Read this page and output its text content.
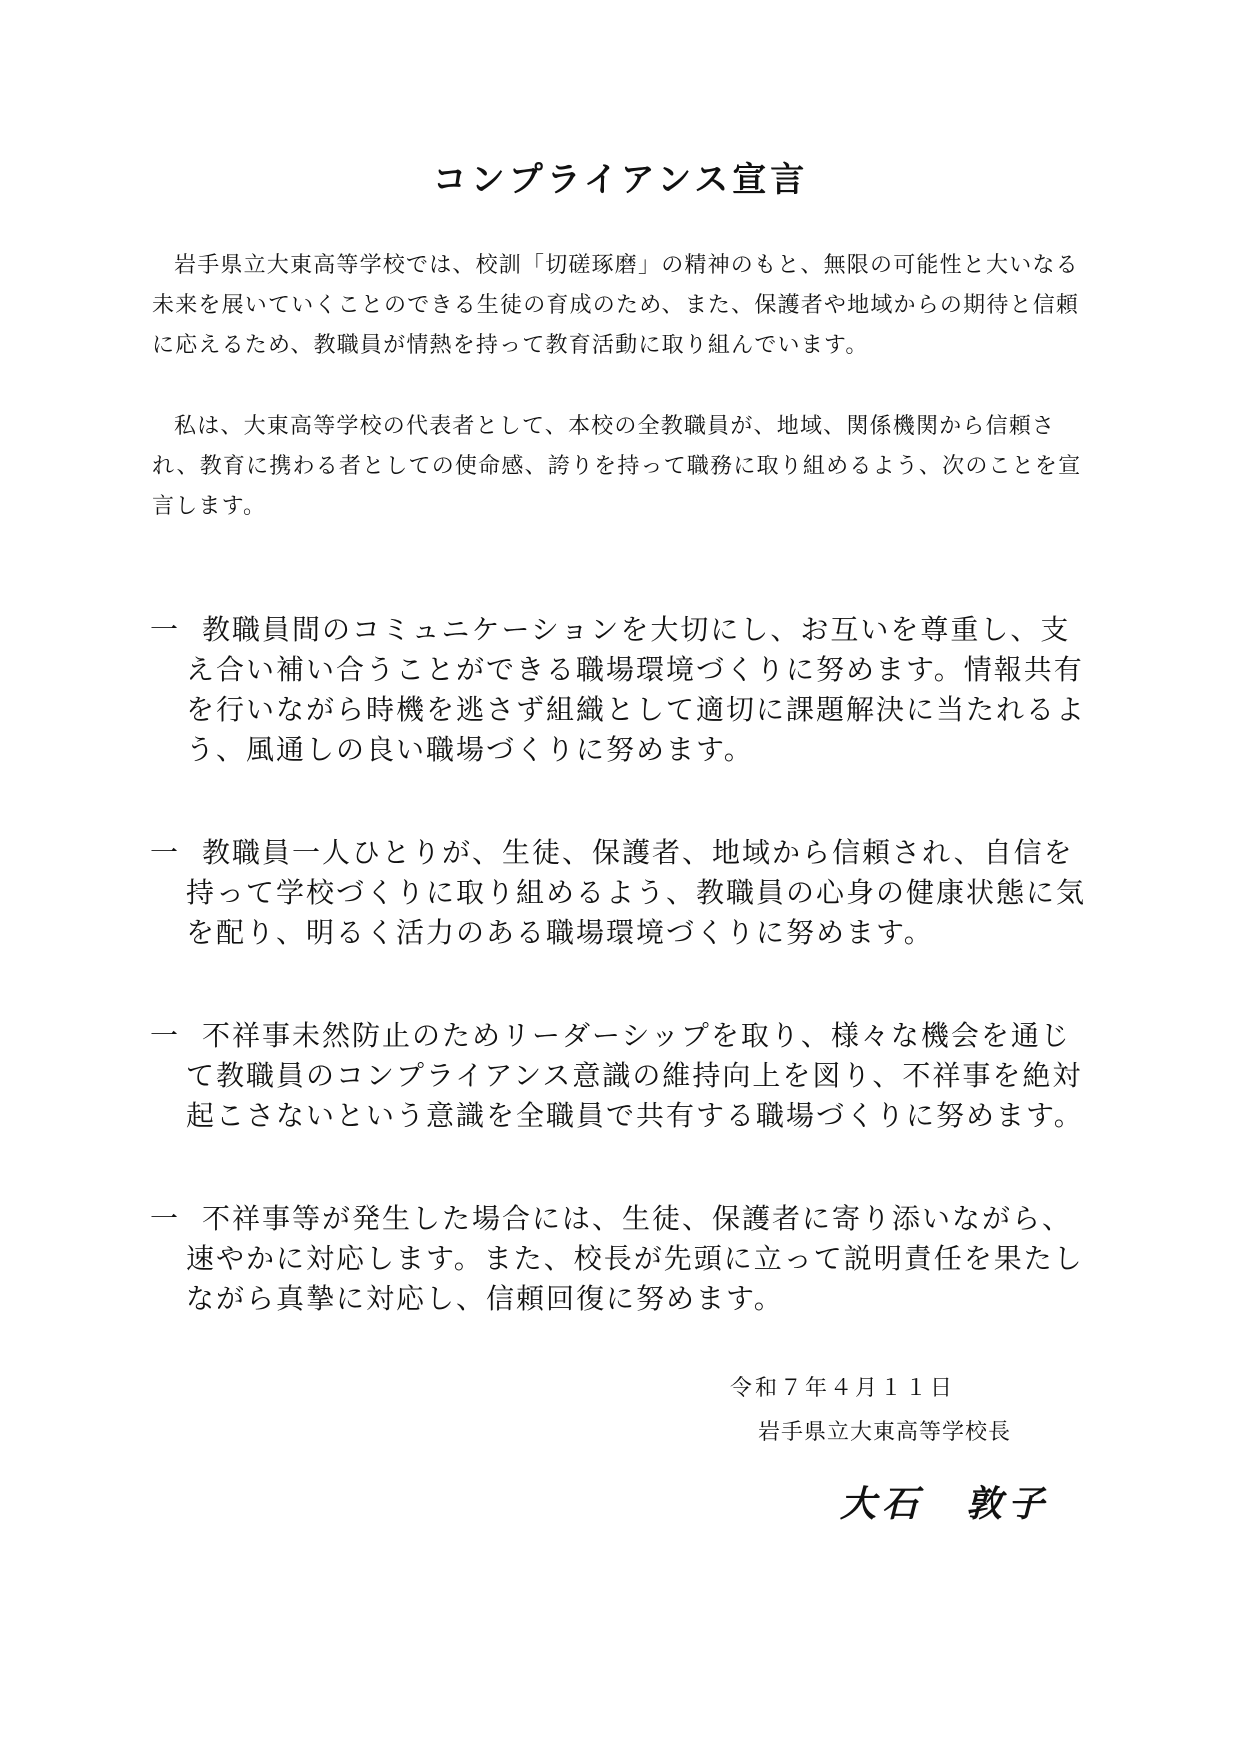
コンプライアンス宣言

岩手県立大東高等学校では、校訓「切磋琢磨」の精神のもと、無限の可能性と大いなる未来を展いていくことのできる生徒の育成のため、また、保護者や地域からの期待と信頼に応えるため、教職員が情熱を持って教育活動に取り組んでいます。

私は、大東高等学校の代表者として、本校の全教職員が、地域、関係機関から信頼され、教育に携わる者としての使命感、誇りを持って職務に取り組めるよう、次のことを宣言します。

一 教職員間のコミュニケーションを大切にし、お互いを尊重し、支え合い補い合うことができる職場環境づくりに努めます。情報共有を行いながら時機を逃さず組織として適切に課題解決に当たれるよう、風通しの良い職場づくりに努めます。
一 教職員一人ひとりが、生徒、保護者、地域から信頼され、自信を持って学校づくりに取り組めるよう、教職員の心身の健康状態に気を配り、明るく活力のある職場環境づくりに努めます。
一 不祥事未然防止のためリーダーシップを取り、様々な機会を通じて教職員のコンプライアンス意識の維持向上を図り、不祥事を絶対起こさないという意識を全職員で共有する職場づくりに努めます。
一 不祥事等が発生した場合には、生徒、保護者に寄り添いながら、速やかに対応します。また、校長が先頭に立って説明責任を果たしながら真摯に対応し、信頼回復に努めます。

令和７年４月１１日

岩手県立大東高等学校長

大石　敦子
